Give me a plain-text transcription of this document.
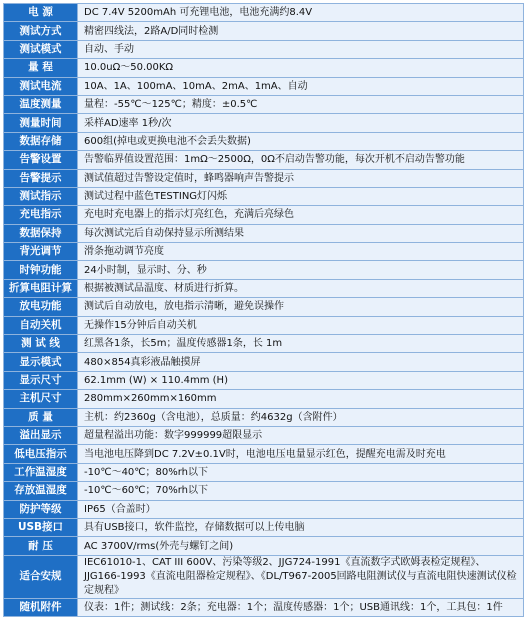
电 源	DC 7.4V 5200mAh 可充锂电池，电池充满约8.4V
测试方式	精密四线法，2路A/D同时检测
测试模式	自动、手动
量 程	10.0uΩ～50.00KΩ
测试电流	10A、1A、100mA、10mA、2mA、1mA、自动
温度测量	量程：-55℃～125℃；精度：±0.5℃
测量时间	采样AD速率 1秒/次
数据存储	600组(掉电或更换电池不会丢失数据)
告警设置	告警临界值设置范围：1mΩ～2500Ω，0Ω不启动告警功能，每次开机不启动告警功能
告警提示	测试值超过告警设定值时，蜂鸣器响声告警提示
测试指示	测试过程中蓝色TESTING灯闪烁
充电指示	充电时充电器上的指示灯亮红色，充满后亮绿色
数据保持	每次测试完后自动保持显示所测结果
背光调节	滑条拖动调节亮度
时钟功能	24小时制，显示时、分、秒
折算电阻计算	根据被测试品温度、材质进行折算。
放电功能	测试后自动放电，放电指示清晰，避免误操作
自动关机	无操作15分钟后自动关机
测 试 线	红黑各1条，长5m；温度传感器1条，长 1m
显示模式	480×854真彩液晶触摸屏
显示尺寸	62.1mm (W) × 110.4mm (H)
主机尺寸	280mm×260mm×160mm
质 量	主机：约2360g（含电池），总质量：约4632g（含附件）
溢出显示	超量程溢出功能：数字999999超限显示
低电压指示	当电池电压降到DC 7.2V±0.1V时，电池电压电量显示红色，提醒充电需及时充电
工作温湿度	-10℃～40℃；80%rh以下
存放温湿度	-10℃～60℃；70%rh以下
防护等级	IP65（合盖时）
USB接口	具有USB接口，软件监控，存储数据可以上传电脑
耐 压	AC 3700V/rms(外壳与螺钉之间)
适合安规	IEC61010-1、CAT III 600V、污染等级2、JJG724-1991《直流数字式欧姆表检定规程》、JJG166-1993《直流电阻器检定规程》、《DL/T967-2005回路电阻测试仪与直流电阻快速测试仪检定规程》
随机附件	仪表：1件；测试线：2条；充电器：1个；温度传感器：1个；USB通讯线：1个，工具包：1件
